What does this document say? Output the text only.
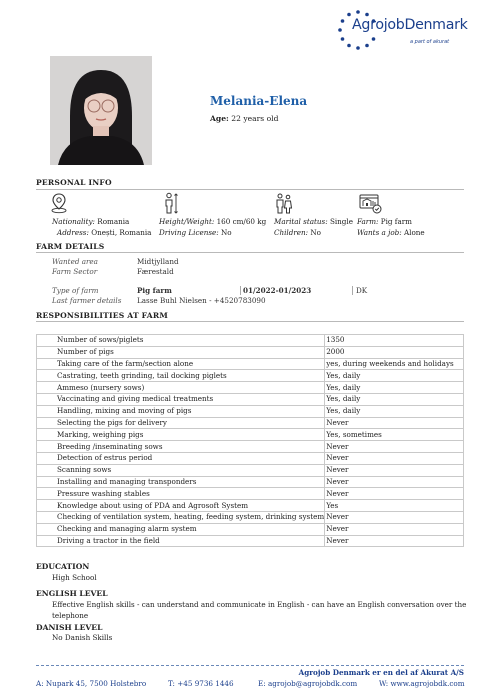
AgrojobDenmark
a part of akurat
Melania-Elena
Age: 22 years old
PERSONAL INFO
Nationality: Romania
Address: Onești, Romania
Height/Weight: 160 cm/60 kg
Driving License: No
Marital status: Single
Children: No
Farm: Pig farm
Wants a job: Alone
FARM DETAILS
Wanted area	Midtjylland
Farm Sector	Færestald
Type of farm	Pig farm	01/2022-01/2023	DK
Last farmer details Lasse Buhl Nielsen - +4520783090
RESPONSIBILITIES AT FARM
Number of sows/piglets	1350
Number of pigs	2000
Taking care of the farm/section alone	yes, during weekends and holidays
Castrating, teeth grinding, tail docking piglets	Yes, daily
Ammeso (nursery sows)	Yes, daily
Vaccinating and giving medical treatments	Yes, daily
Handling, mixing and moving of pigs	Yes, daily
Selecting the pigs for delivery	Never
Marking, weighing pigs	Yes, sometimes
Breeding /inseminating sows	Never
Detection of estrus period	Never
Scanning sows	Never
Installing and managing transponders	Never
Pressure washing stables	Never
Knowledge about using of PDA and Agrosoft System	Yes
Checking of ventilation system, heating, feeding system, drinking system	Never
Checking and managing alarm system	Never
Driving a tractor in the field	Never
EDUCATION
High School
ENGLISH LEVEL
Effective English skills - can understand and communicate in English - can have an English conversation over the telephone
DANISH LEVEL
No Danish Skills
Agrojob Denmark er en del af Akurat A/S
A: Nupark 45, 7500 Holstebro	T: +45 9736 1446	E: agrojob@agrojobdk.com	W: www.agrojobdk.com
